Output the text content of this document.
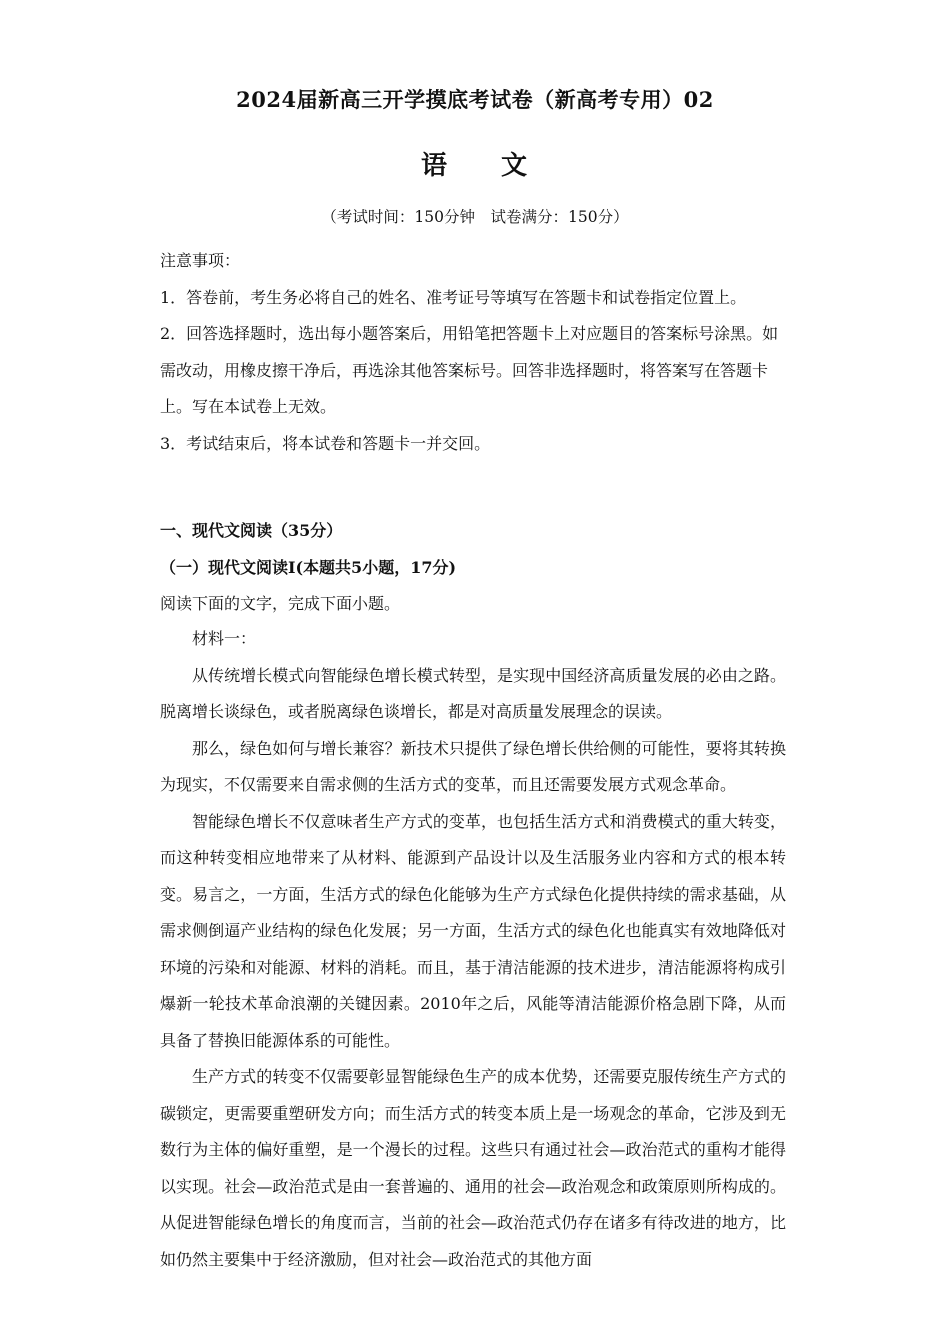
2024届新高三开学摸底考试卷（新高考专用）02
语 文
（考试时间：150分钟　试卷满分：150分）

注意事项：

1．答卷前，考生务必将自己的姓名、准考证号等填写在答题卡和试卷指定位置上。

2．回答选择题时，选出每小题答案后，用铅笔把答题卡上对应题目的答案标号涂黑。如需改动，用橡皮擦干净后，再选涂其他答案标号。回答非选择题时，将答案写在答题卡上。写在本试卷上无效。

3．考试结束后，将本试卷和答题卡一并交回。

一、现代文阅读（35分）

（一）现代文阅读Ⅰ(本题共5小题，17分)

阅读下面的文字，完成下面小题。

材料一：

从传统增长模式向智能绿色增长模式转型，是实现中国经济高质量发展的必由之路。脱离增长谈绿色，或者脱离绿色谈增长，都是对高质量发展理念的误读。

那么，绿色如何与增长兼容？新技术只提供了绿色增长供给侧的可能性，要将其转换为现实，不仅需要来自需求侧的生活方式的变革，而且还需要发展方式观念革命。

智能绿色增长不仅意味者生产方式的变革，也包括生活方式和消费模式的重大转变，而这种转变相应地带来了从材料、能源到产品设计以及生活服务业内容和方式的根本转变。易言之，一方面，生活方式的绿色化能够为生产方式绿色化提供持续的需求基础，从需求侧倒逼产业结构的绿色化发展；另一方面，生活方式的绿色化也能真实有效地降低对环境的污染和对能源、材料的消耗。而且，基于清洁能源的技术进步，清洁能源将构成引爆新一轮技术革命浪潮的关键因素。2010年之后，风能等清洁能源价格急剧下降，从而具备了替换旧能源体系的可能性。

生产方式的转变不仅需要彰显智能绿色生产的成本优势，还需要克服传统生产方式的碳锁定，更需要重塑研发方向；而生活方式的转变本质上是一场观念的革命，它涉及到无数行为主体的偏好重塑，是一个漫长的过程。这些只有通过社会—政治范式的重构才能得以实现。社会—政治范式是由一套普遍的、通用的社会—政治观念和政策原则所构成的。从促进智能绿色增长的角度而言，当前的社会—政治范式仍存在诸多有待改进的地方，比如仍然主要集中于经济激励，但对社会—政治范式的其他方面
